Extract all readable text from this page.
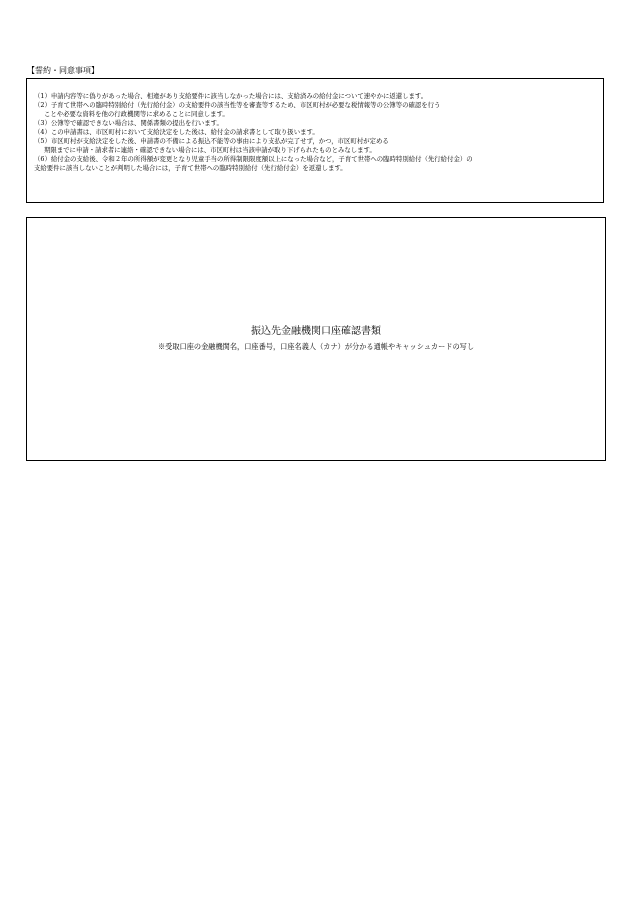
【誓約・同意事項】
（1）申請内容等に偽りがあった場合、相違があり支給要件に該当しなかった場合には、支給済みの給付金について速やかに返還します。
（2）子育て世帯への臨時特別給付（先行給付金）の支給要件の該当性等を審査等するため、市区町村が必要な税情報等の公簿等の確認を行う
ことや必要な資料を他の行政機関等に求めることに同意します。
（3）公簿等で確認できない場合は、関係書類の提出を行います。
（4）この申請書は、市区町村において支給決定をした後は、給付金の請求書として取り扱います。
（5）市区町村が支給決定をした後、申請書の不備による振込不能等の事由により支払が完了せず，かつ，市区町村が定める
期限までに申請・請求者に連絡・確認できない場合には、市区町村は当該申請が取り下げられたものとみなします。
（6）給付金の支給後、令和２年の所得額が変更となり児童手当の所得制限限度額以上になった場合など，子育て世帯への臨時特別給付（先行給付金）の
支給要件に該当しないことが判明した場合には，子育て世帯への臨時特別給付（先行給付金）を返還します。
振込先金融機関口座確認書類
※受取口座の金融機関名，口座番号，口座名義人（カナ）が分かる通帳やキャッシュカードの写し
